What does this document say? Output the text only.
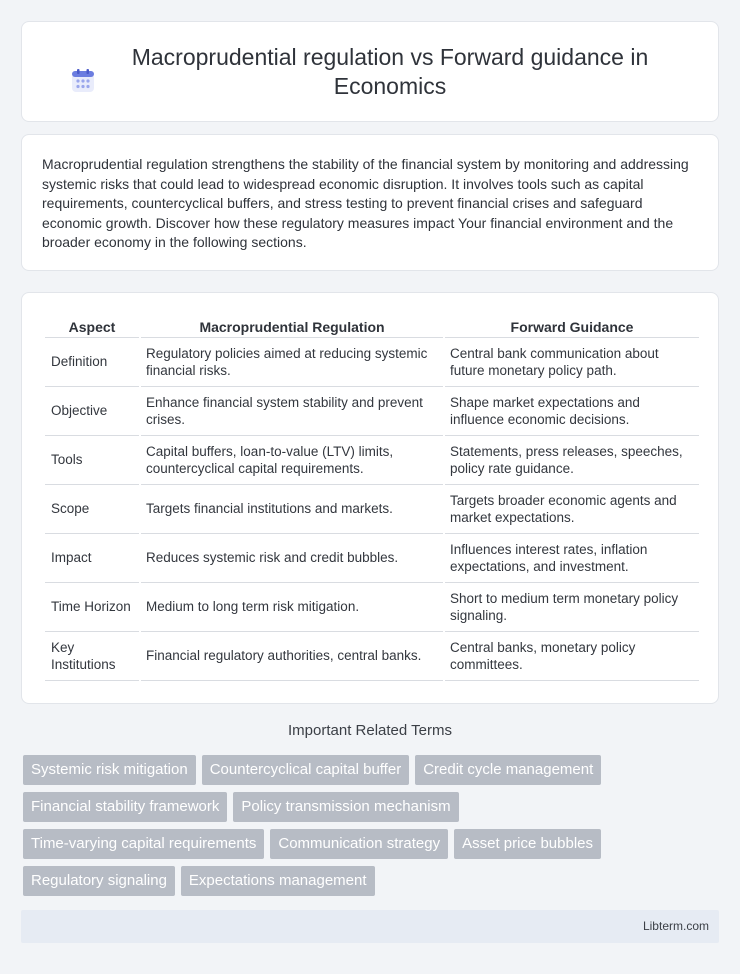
Macroprudential regulation vs Forward guidance in Economics

Macroprudential regulation strengthens the stability of the financial system by monitoring and addressing systemic risks that could lead to widespread economic disruption. It involves tools such as capital requirements, countercyclical buffers, and stress testing to prevent financial crises and safeguard economic growth. Discover how these regulatory measures impact Your financial environment and the broader economy in the following sections.

Aspect	Macroprudential Regulation	Forward Guidance
Definition	Regulatory policies aimed at reducing systemic financial risks.	Central bank communication about future monetary policy path.
Objective	Enhance financial system stability and prevent crises.	Shape market expectations and influence economic decisions.
Tools	Capital buffers, loan-to-value (LTV) limits, countercyclical capital requirements.	Statements, press releases, speeches, policy rate guidance.
Scope	Targets financial institutions and markets.	Targets broader economic agents and market expectations.
Impact	Reduces systemic risk and credit bubbles.	Influences interest rates, inflation expectations, and investment.
Time Horizon	Medium to long term risk mitigation.	Short to medium term monetary policy signaling.
Key Institutions	Financial regulatory authorities, central banks.	Central banks, monetary policy committees.
Important Related Terms
Systemic risk mitigation	Countercyclical capital buffer	Credit cycle management
Financial stability framework	Policy transmission mechanism
Time-varying capital requirements	Communication strategy	Asset price bubbles
Regulatory signaling	Expectations management
Libterm.com
